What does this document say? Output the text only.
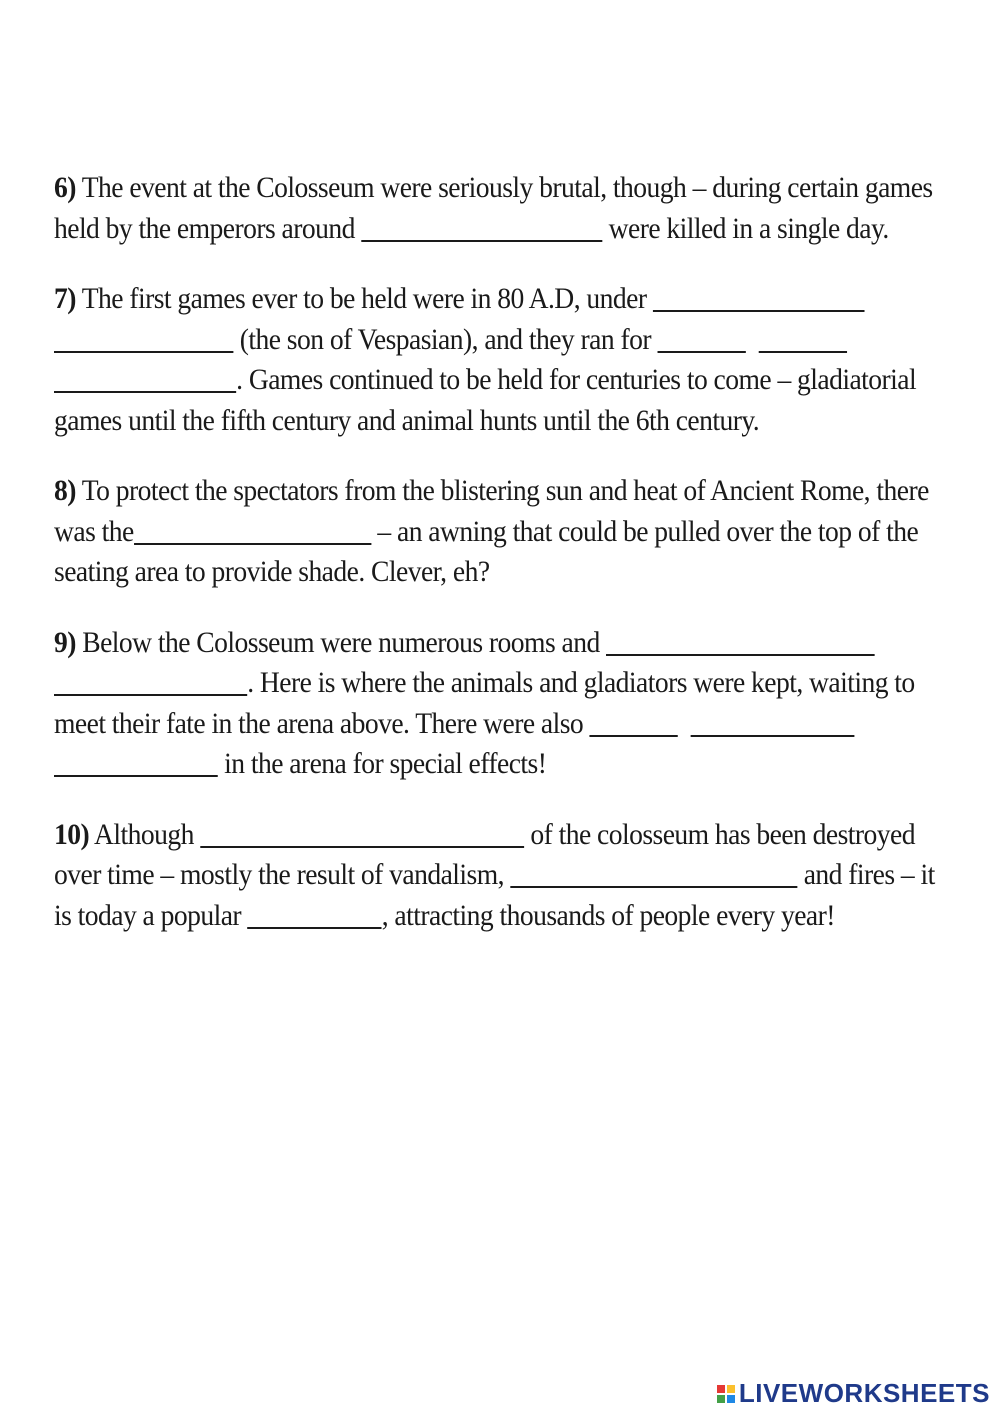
6) The event at the Colosseum were seriously brutal, though – during certain games held by the emperors around	were killed in a single day.

7) The first games ever to be held were in 80 A.D, under  (the son of Vespasian), and they ran for . Games continued to be held for centuries to come – gladiatorial games until the fifth century and animal hunts until the 6th century.

8) To protect the spectators from the blistering sun and heat of Ancient Rome, there was the	– an awning that could be pulled over the top of the seating area to provide shade. Clever, eh?

9) Below the Colosseum were numerous rooms and . Here is where the animals and gladiators were kept, waiting to meet their fate in the arena above. There were also  in the arena for special effects!

10) Although	of the colosseum has been destroyed over time – mostly the result of vandalism,	and fires – it is today a popular	, attracting thousands of people every year!

LIVEWORKSHEETS
